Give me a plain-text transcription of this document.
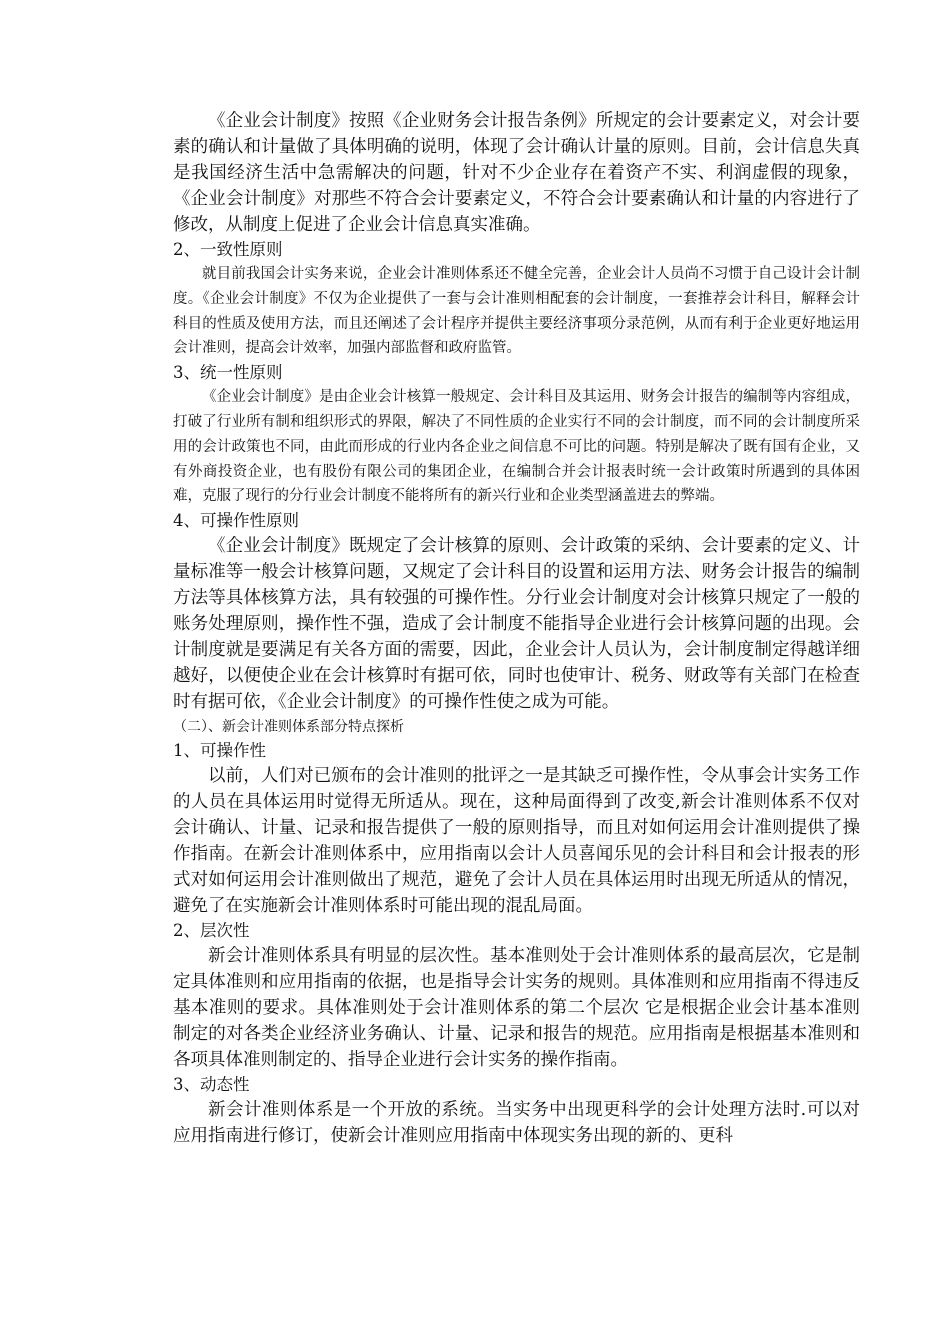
《企业会计制度》按照《企业财务会计报告条例》所规定的会计要素定义，对会计要素的确认和计量做了具体明确的说明，体现了会计确认计量的原则。目前，会计信息失真是我国经济生活中急需解决的问题，针对不少企业存在着资产不实、利润虚假的现象，《企业会计制度》对那些不符合会计要素定义，不符合会计要素确认和计量的内容进行了修改，从制度上促进了企业会计信息真实准确。

2、一致性原则

就目前我国会计实务来说，企业会计准则体系还不健全完善，企业会计人员尚不习惯于自己设计会计制度。《企业会计制度》不仅为企业提供了一套与会计准则相配套的会计制度，一套推荐会计科目，解释会计科目的性质及使用方法，而且还阐述了会计程序并提供主要经济事项分录范例，从而有利于企业更好地运用会计准则，提高会计效率，加强内部监督和政府监管。

3、统一性原则

《企业会计制度》是由企业会计核算一般规定、会计科目及其运用、财务会计报告的编制等内容组成，打破了行业所有制和组织形式的界限，解决了不同性质的企业实行不同的会计制度，而不同的会计制度所采用的会计政策也不同，由此而形成的行业内各企业之间信息不可比的问题。特别是解决了既有国有企业，又有外商投资企业，也有股份有限公司的集团企业，在编制合并会计报表时统一会计政策时所遇到的具体困难，克服了现行的分行业会计制度不能将所有的新兴行业和企业类型涵盖进去的弊端。

4、可操作性原则

《企业会计制度》既规定了会计核算的原则、会计政策的采纳、会计要素的定义、计量标准等一般会计核算问题，又规定了会计科目的设置和运用方法、财务会计报告的编制方法等具体核算方法，具有较强的可操作性。分行业会计制度对会计核算只规定了一般的账务处理原则，操作性不强，造成了会计制度不能指导企业进行会计核算问题的出现。会计制度就是要满足有关各方面的需要，因此，企业会计人员认为，会计制度制定得越详细越好，以便使企业在会计核算时有据可依，同时也使审计、税务、财政等有关部门在检查时有据可依，《企业会计制度》的可操作性使之成为可能。

（二）、新会计准则体系部分特点探析
1、可操作性

以前，人们对已颁布的会计准则的批评之一是其缺乏可操作性，令从事会计实务工作的人员在具体运用时觉得无所适从。现在，这种局面得到了改变,新会计准则体系不仅对会计确认、计量、记录和报告提供了一般的原则指导，而且对如何运用会计准则提供了操作指南。在新会计准则体系中，应用指南以会计人员喜闻乐见的会计科目和会计报表的形式对如何运用会计准则做出了规范，避免了会计人员在具体运用时出现无所适从的情况，避免了在实施新会计准则体系时可能出现的混乱局面。

2、层次性

新会计准则体系具有明显的层次性。基本准则处于会计准则体系的最高层次，它是制定具体准则和应用指南的依据，也是指导会计实务的规则。具体准则和应用指南不得违反基本准则的要求。具体准则处于会计准则体系的第二个层次 它是根据企业会计基本准则制定的对各类企业经济业务确认、计量、记录和报告的规范。应用指南是根据基本准则和各项具体准则制定的、指导企业进行会计实务的操作指南。

3、动态性

新会计准则体系是一个开放的系统。当实务中出现更科学的会计处理方法时.可以对应用指南进行修订，使新会计准则应用指南中体现实务出现的新的、更科
